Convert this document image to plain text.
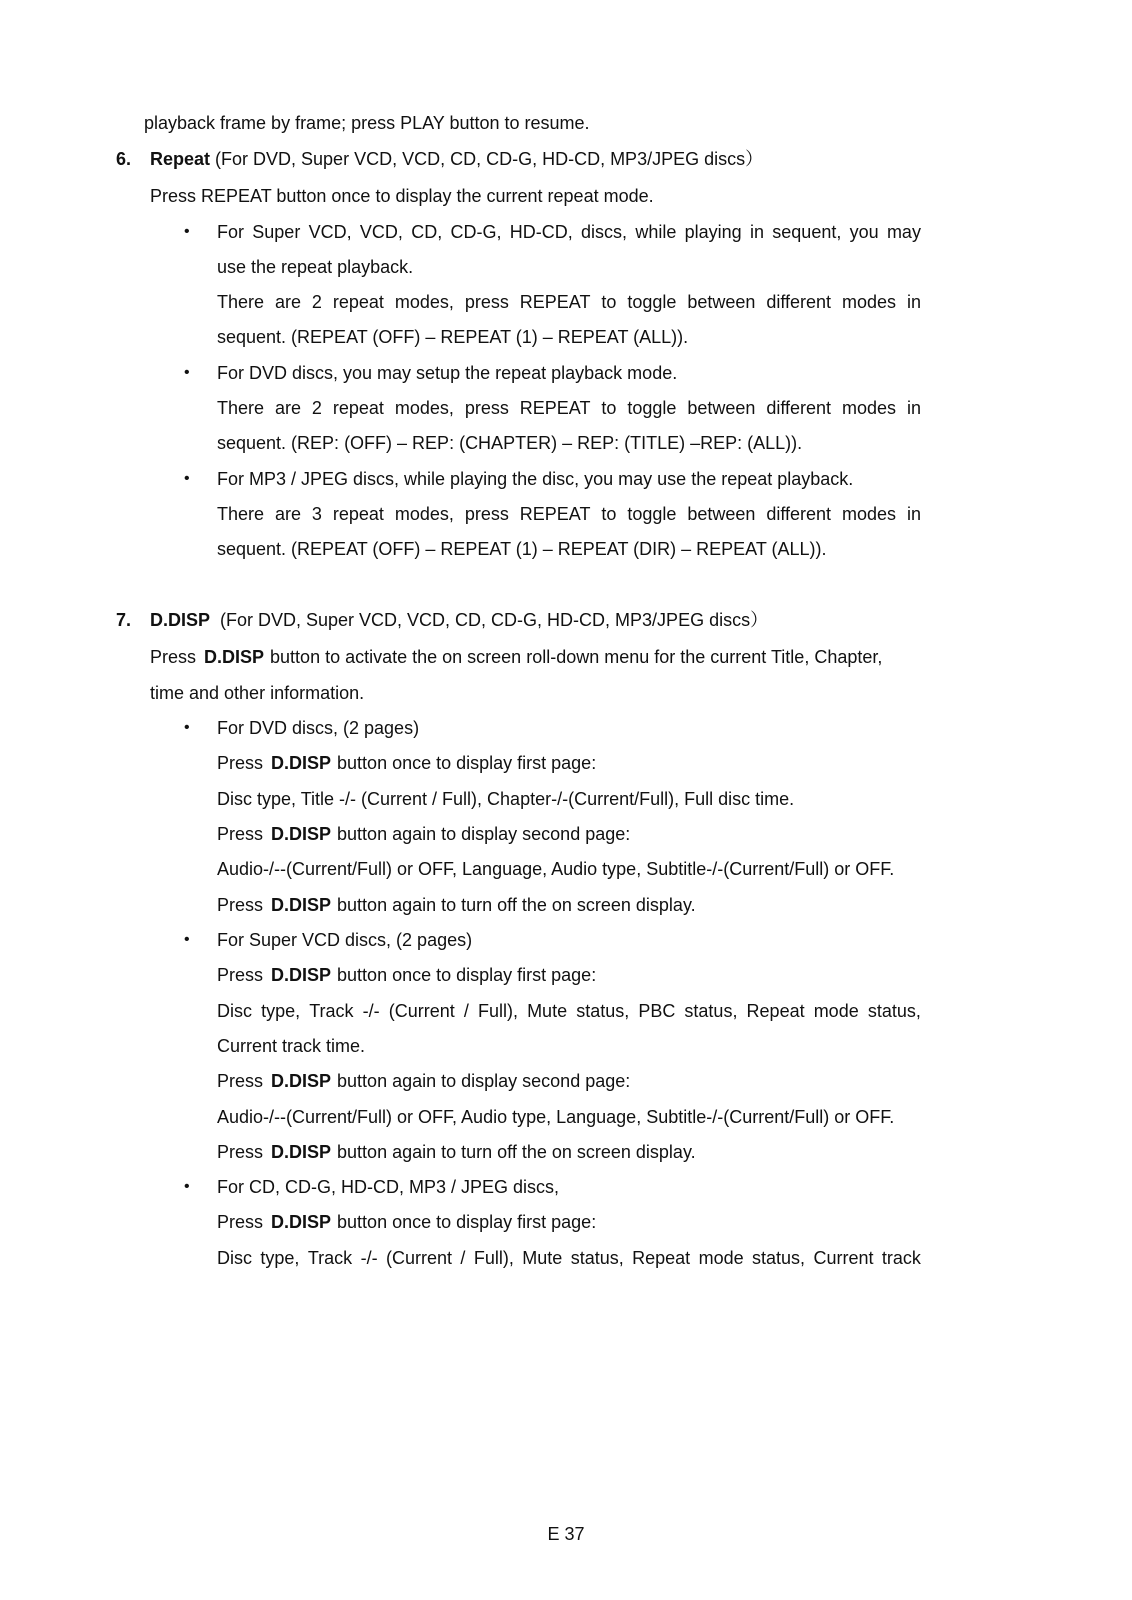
playback frame by frame; press PLAY button to resume.
6. Repeat (For DVD, Super VCD, VCD, CD, CD-G, HD-CD, MP3/JPEG discs）
Press REPEAT button once to display the current repeat mode.
• For Super VCD, VCD, CD, CD-G, HD-CD, discs, while playing in sequent, you may
use the repeat playback.
There are 2 repeat modes, press REPEAT to toggle between different modes in
sequent. (REPEAT (OFF) – REPEAT (1) – REPEAT (ALL)).
• For DVD discs, you may setup the repeat playback mode.
There are 2 repeat modes, press REPEAT to toggle between different modes in
sequent. (REP: (OFF) – REP: (CHAPTER) – REP: (TITLE) –REP: (ALL)).
• For MP3 / JPEG discs, while playing the disc, you may use the repeat playback.
There are 3 repeat modes, press REPEAT to toggle between different modes in
sequent. (REPEAT (OFF) – REPEAT (1) – REPEAT (DIR) – REPEAT (ALL)).
7. D.DISP (For DVD, Super VCD, VCD, CD, CD-G, HD-CD, MP3/JPEG discs）
Press D.DISP button to activate the on screen roll-down menu for the current Title, Chapter,
time and other information.
• For DVD discs, (2 pages)
Press D.DISP button once to display first page:
Disc type, Title -/- (Current / Full), Chapter-/-(Current/Full), Full disc time.
Press D.DISP button again to display second page:
Audio-/--(Current/Full) or OFF, Language, Audio type, Subtitle-/-(Current/Full) or OFF.
Press D.DISP button again to turn off the on screen display.
• For Super VCD discs, (2 pages)
Press D.DISP button once to display first page:
Disc type, Track -/- (Current / Full), Mute status, PBC status, Repeat mode status,
Current track time.
Press D.DISP button again to display second page:
Audio-/--(Current/Full) or OFF, Audio type, Language, Subtitle-/-(Current/Full) or OFF.
Press D.DISP button again to turn off the on screen display.
• For CD, CD-G, HD-CD, MP3 / JPEG discs,
Press D.DISP button once to display first page:
Disc type, Track -/- (Current / Full), Mute status, Repeat mode status, Current track
E 37
